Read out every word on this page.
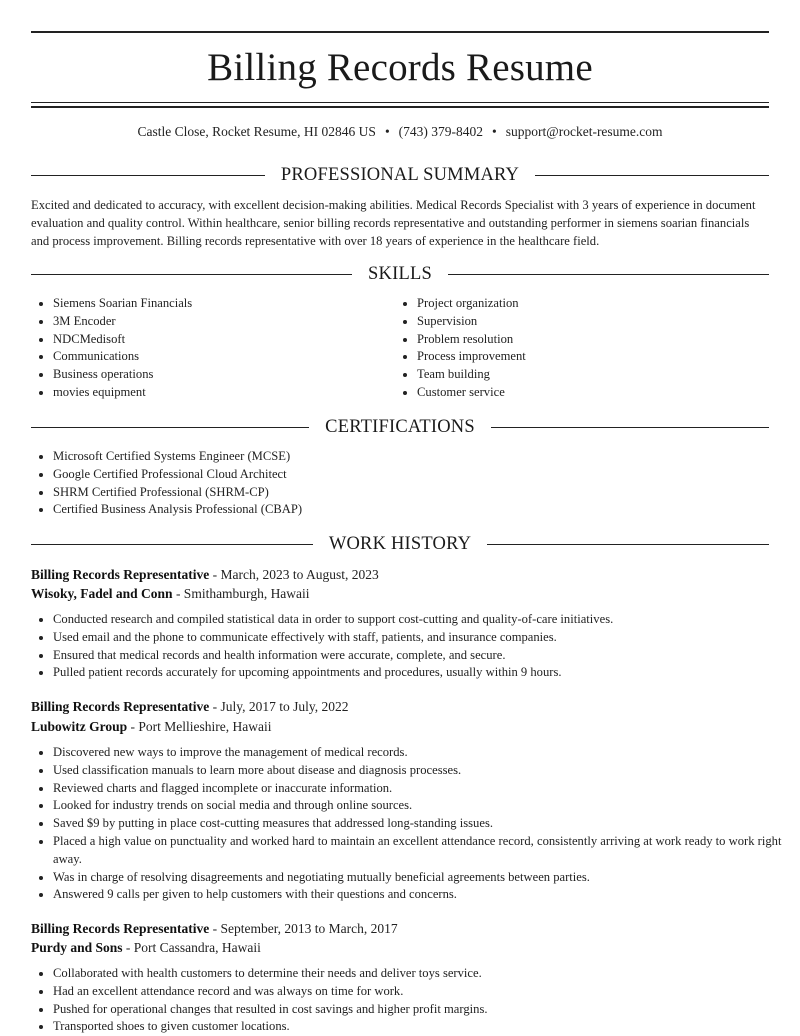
Billing Records Resume
Castle Close, Rocket Resume, HI 02846 US • (743) 379-8402 • support@rocket-resume.com
PROFESSIONAL SUMMARY
Excited and dedicated to accuracy, with excellent decision-making abilities. Medical Records Specialist with 3 years of experience in document evaluation and quality control. Within healthcare, senior billing records representative and outstanding performer in siemens soarian financials and process improvement. Billing records representative with over 18 years of experience in the healthcare field.
SKILLS
• Siemens Soarian Financials
• 3M Encoder
• NDCMedisoft
• Communications
• Business operations
• movies equipment
• Project organization
• Supervision
• Problem resolution
• Process improvement
• Team building
• Customer service
CERTIFICATIONS
• Microsoft Certified Systems Engineer (MCSE)
• Google Certified Professional Cloud Architect
• SHRM Certified Professional (SHRM-CP)
• Certified Business Analysis Professional (CBAP)
WORK HISTORY
Billing Records Representative - March, 2023 to August, 2023
Wisoky, Fadel and Conn - Smithamburgh, Hawaii
• Conducted research and compiled statistical data in order to support cost-cutting and quality-of-care initiatives.
• Used email and the phone to communicate effectively with staff, patients, and insurance companies.
• Ensured that medical records and health information were accurate, complete, and secure.
• Pulled patient records accurately for upcoming appointments and procedures, usually within 9 hours.
Billing Records Representative - July, 2017 to July, 2022
Lubowitz Group - Port Mellieshire, Hawaii
• Discovered new ways to improve the management of medical records.
• Used classification manuals to learn more about disease and diagnosis processes.
• Reviewed charts and flagged incomplete or inaccurate information.
• Looked for industry trends on social media and through online sources.
• Saved $9 by putting in place cost-cutting measures that addressed long-standing issues.
• Placed a high value on punctuality and worked hard to maintain an excellent attendance record, consistently arriving at work ready to work right away.
• Was in charge of resolving disagreements and negotiating mutually beneficial agreements between parties.
• Answered 9 calls per given to help customers with their questions and concerns.
Billing Records Representative - September, 2013 to March, 2017
Purdy and Sons - Port Cassandra, Hawaii
• Collaborated with health customers to determine their needs and deliver toys service.
• Had an excellent attendance record and was always on time for work.
• Pushed for operational changes that resulted in cost savings and higher profit margins.
• Transported shoes to given customer locations.
